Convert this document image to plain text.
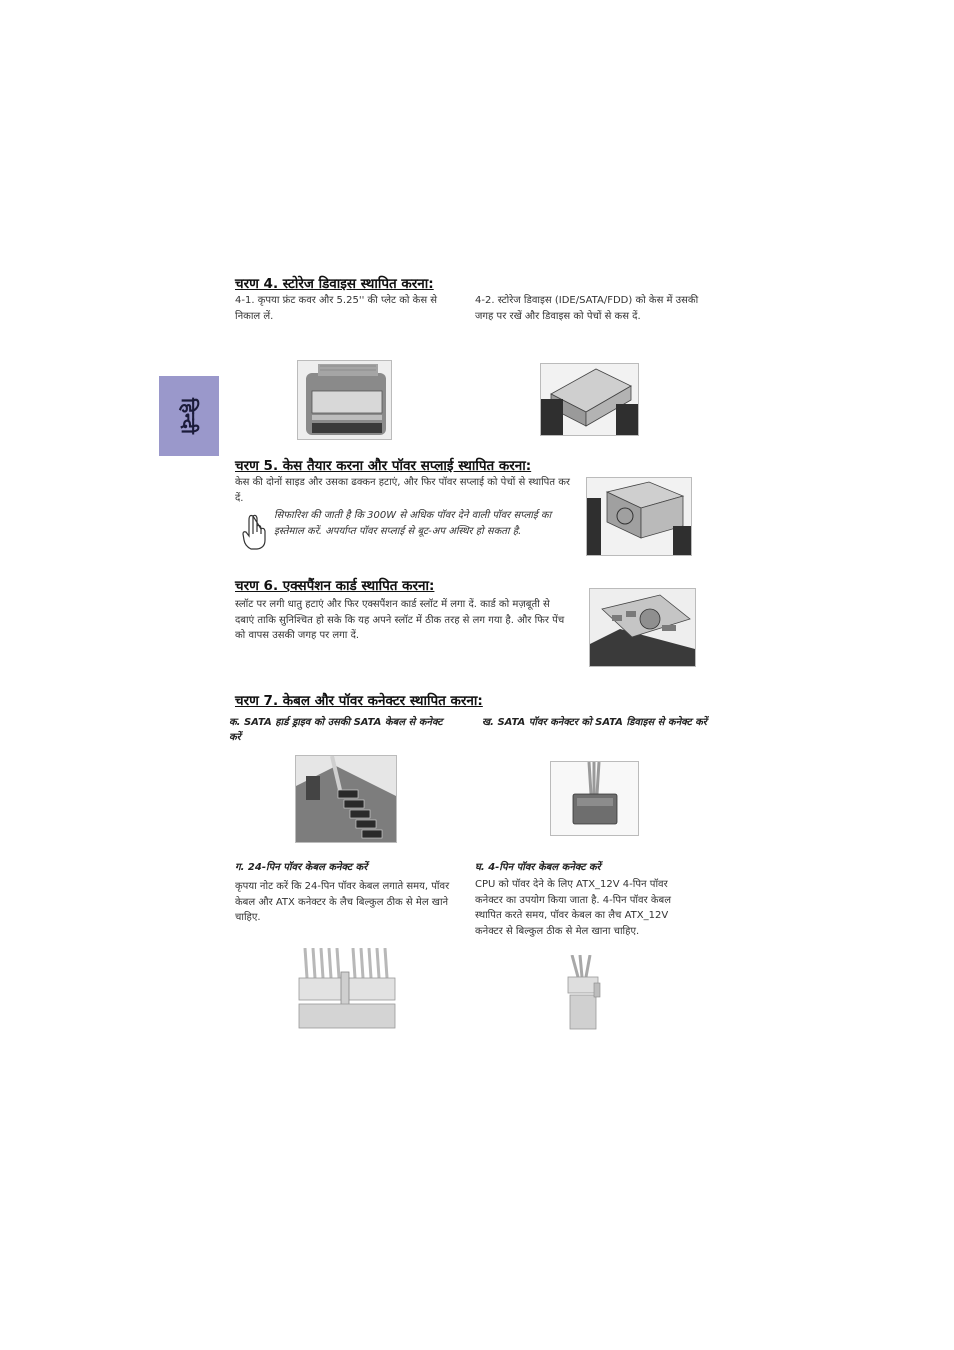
हिन्दी
चरण 4. स्टोरेज डिवाइस स्थापित करना:
4-1. कृपया फ्रंट कवर और 5.25'' की प्लेट को केस से निकाल लें.
4-2. स्टोरेज डिवाइस (IDE/SATA/FDD) को केस में उसकी जगह पर रखें और डिवाइस को पेचों से कस दें.
चरण 5. केस तैयार करना और पॉवर सप्लाई स्थापित करना:
केस की दोनों साइड और उसका ढक्कन हटाएं, और फिर पॉवर सप्लाई को पेचों से स्थापित कर दें.
सिफारिश की जाती है कि 300W से अधिक पॉवर देने वाली पॉवर सप्लाई का इस्तेमाल करें. अपर्याप्त पॉवर सप्लाई से बूट-अप अस्थिर हो सकता है.
चरण 6. एक्सपैंशन कार्ड स्थापित करना:
स्लॉट पर लगी धातु हटाएं और फिर एक्सपैंशन कार्ड स्लॉट में लगा दें. कार्ड को मज़बूती से दबाएं ताकि सुनिश्चित हो सके कि यह अपने स्लॉट में ठीक तरह से लग गया है. और फिर पेंच को वापस उसकी जगह पर लगा दें.
चरण 7. केबल और पॉवर कनेक्टर स्थापित करना:
क. SATA हार्ड ड्राइव को उसकी SATA केबल से कनेक्ट करें
ख. SATA पॉवर कनेक्टर को SATA डिवाइस से कनेक्ट करें
ग. 24-पिन पॉवर केबल कनेक्ट करें
कृपया नोट करें कि 24-पिन पॉवर केबल लगाते समय, पॉवर केबल और ATX कनेक्टर के लैच बिल्कुल ठीक से मेल खाने चाहिए.
घ. 4-पिन पॉवर केबल कनेक्ट करें
CPU को पॉवर देने के लिए ATX_12V 4-पिन पॉवर कनेक्टर का उपयोग किया जाता है. 4-पिन पॉवर केबल स्थापित करते समय, पॉवर केबल का लैच ATX_12V कनेक्टर से बिल्कुल ठीक से मेल खाना चाहिए.
